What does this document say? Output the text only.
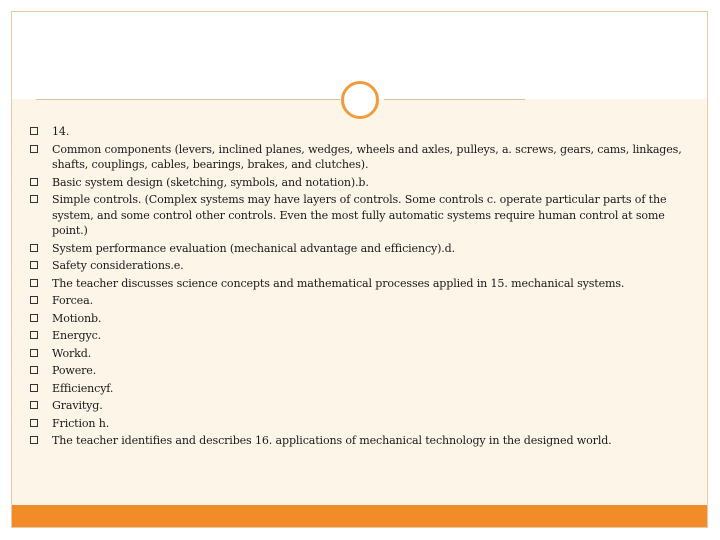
14.
Common components (levers, inclined planes, wedges, wheels and axles, pulleys, a. screws, gears, cams, linkages, shafts, couplings, cables, bearings, brakes, and clutches).
Basic system design (sketching, symbols, and notation).b.
Simple controls. (Complex systems may have layers of controls. Some controls c. operate particular parts of the system, and some control other controls. Even the most fully automatic systems require human control at some point.)
System performance evaluation (mechanical advantage and efficiency).d.
Safety considerations.e.
The teacher discusses science concepts and mathematical processes applied in 15. mechanical systems.
Forcea.
Motionb.
Energyc.
Workd.
Powere.
Efficiencyf.
Gravityg.
Friction h.
The teacher identifies and describes 16. applications of mechanical technology in the designed world.
